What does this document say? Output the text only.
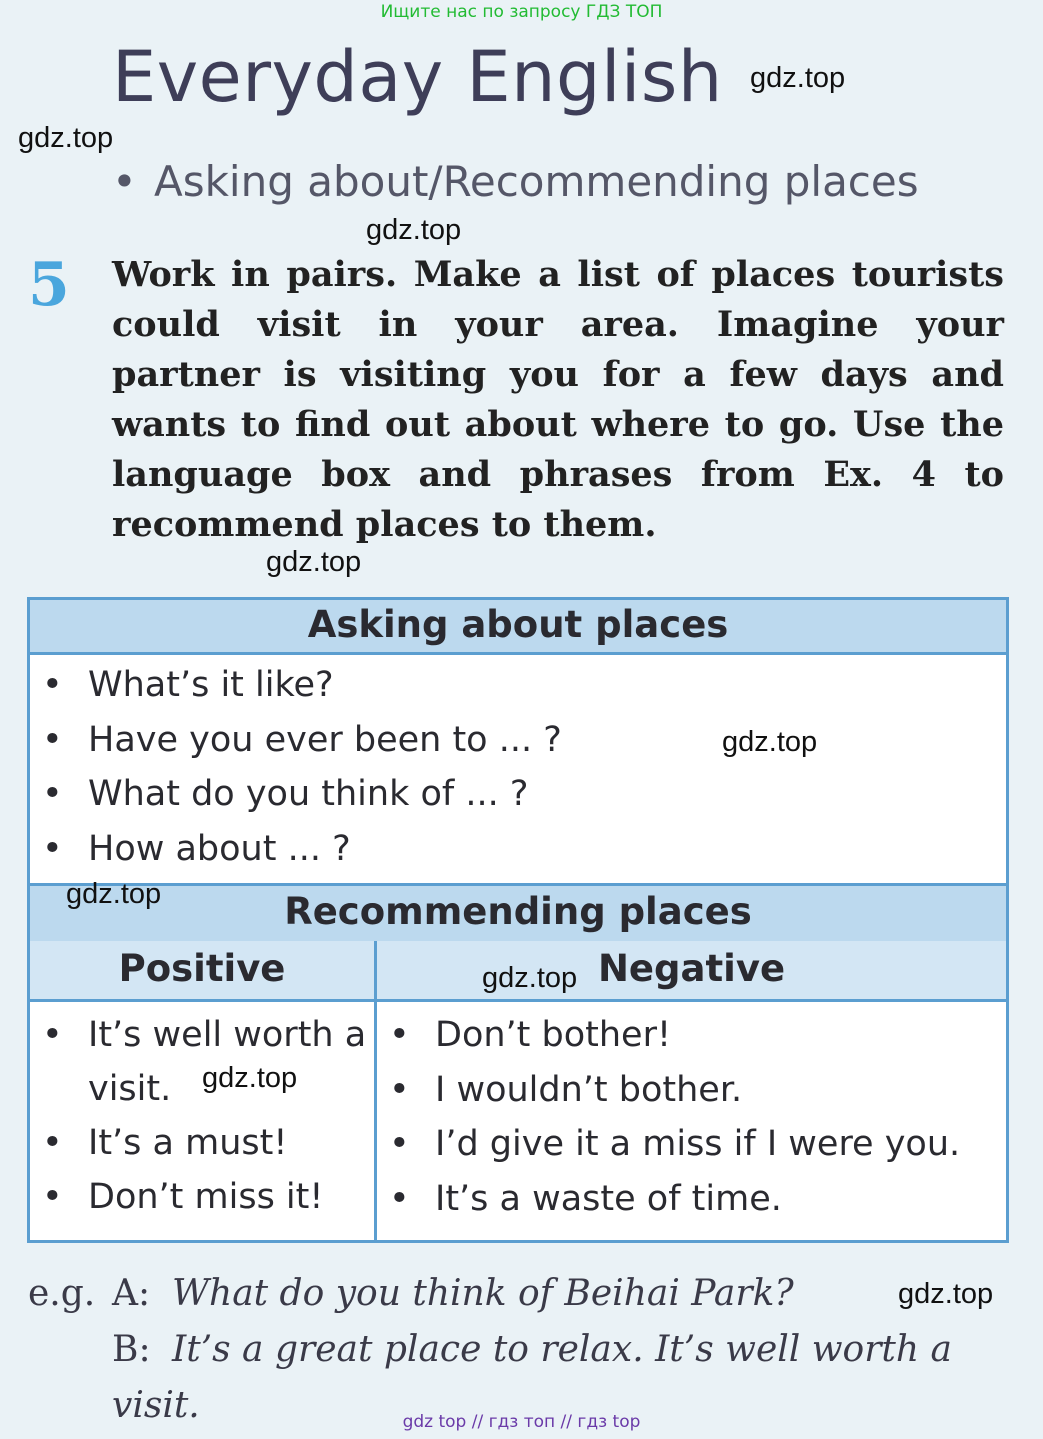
Ищите нас по запросу ГДЗ ТОП
Everyday English gdz.top
gdz.top
• Asking about/Recommending places
gdz.top
5 Work in pairs. Make a list of places tourists could visit in your area. Imagine your partner is visiting you for a few days and wants to find out about where to go. Use the language box and phrases from Ex. 4 to recommend places to them.
gdz.top
Asking about places
• What’s it like?
• Have you ever been to ... ?
• What do you think of ... ?
• How about ... ?
Recommending places
Positive	Negative
• It’s well worth a visit.
• It’s a must!
• Don’t miss it!
• Don’t bother!
• I wouldn’t bother.
• I’d give it a miss if I were you.
• It’s a waste of time.
gdz.top
gdz.top
gdz.top
gdz.top
e.g. A: What do you think of Beihai Park?
B: It’s a great place to relax. It’s well worth a visit.
gdz.top
gdz top // гдз топ // гдз top
